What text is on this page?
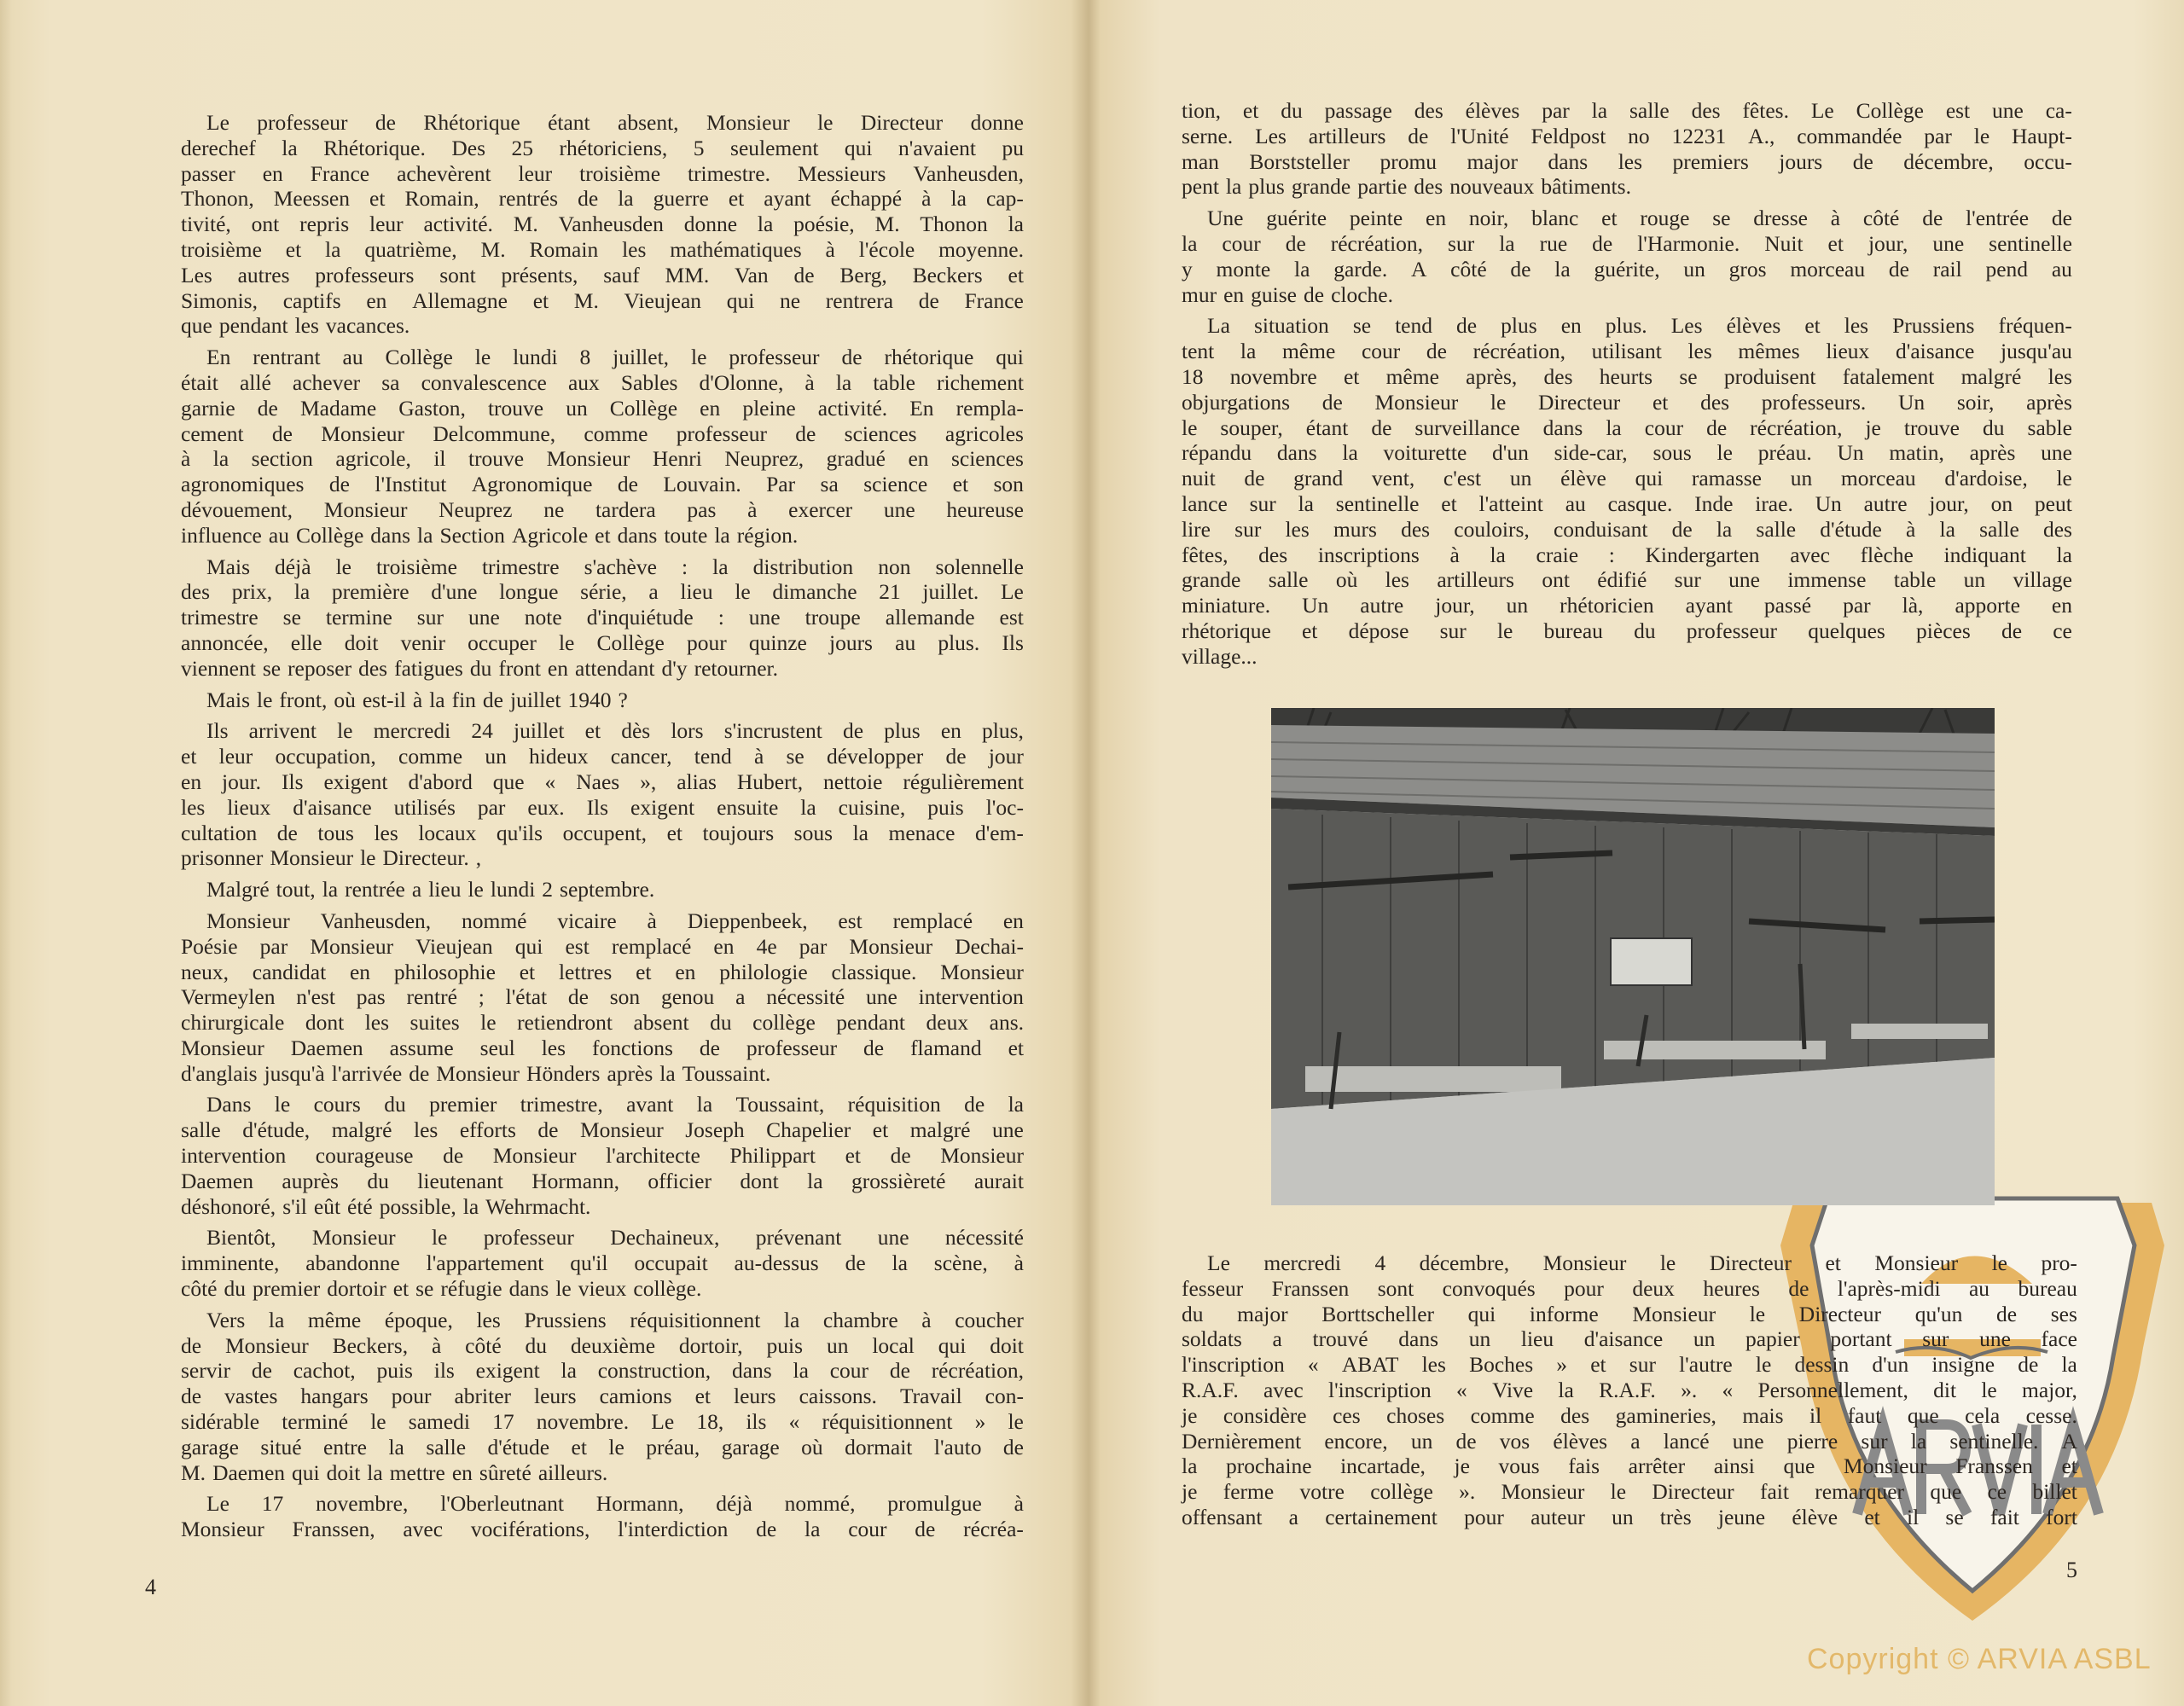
Le professeur de Rhétorique étant absent, Monsieur le Directeur donne
derechef la Rhétorique. Des 25 rhétoriciens, 5 seulement qui n'avaient pu
passer en France achevèrent leur troisième trimestre. Messieurs Vanheusden,
Thonon, Meessen et Romain, rentrés de la guerre et ayant échappé à la cap-
tivité, ont repris leur activité. M. Vanheusden donne la poésie, M. Thonon la
troisième et la quatrième, M. Romain les mathématiques à l'école moyenne.
Les autres professeurs sont présents, sauf MM. Van de Berg, Beckers et
Simonis, captifs en Allemagne et M. Vieujean qui ne rentrera de France
que pendant les vacances.
En rentrant au Collège le lundi 8 juillet, le professeur de rhétorique qui
était allé achever sa convalescence aux Sables d'Olonne, à la table richement
garnie de Madame Gaston, trouve un Collège en pleine activité. En rempla-
cement de Monsieur Delcommune, comme professeur de sciences agricoles
à la section agricole, il trouve Monsieur Henri Neuprez, gradué en sciences
agronomiques de l'Institut Agronomique de Louvain. Par sa science et son
dévouement, Monsieur Neuprez ne tardera pas à exercer une heureuse
influence au Collège dans la Section Agricole et dans toute la région.
Mais déjà le troisième trimestre s'achève : la distribution non solennelle
des prix, la première d'une longue série, a lieu le dimanche 21 juillet. Le
trimestre se termine sur une note d'inquiétude : une troupe allemande est
annoncée, elle doit venir occuper le Collège pour quinze jours au plus. Ils
viennent se reposer des fatigues du front en attendant d'y retourner.
Mais le front, où est-il à la fin de juillet 1940 ?
Ils arrivent le mercredi 24 juillet et dès lors s'incrustent de plus en plus,
et leur occupation, comme un hideux cancer, tend à se développer de jour
en jour. Ils exigent d'abord que « Naes », alias Hubert, nettoie régulièrement
les lieux d'aisance utilisés par eux. Ils exigent ensuite la cuisine, puis l'oc-
cultation de tous les locaux qu'ils occupent, et toujours sous la menace d'em-
prisonner Monsieur le Directeur. ,
Malgré tout, la rentrée a lieu le lundi 2 septembre.
Monsieur Vanheusden, nommé vicaire à Dieppenbeek, est remplacé en
Poésie par Monsieur Vieujean qui est remplacé en 4e par Monsieur Dechai-
neux, candidat en philosophie et lettres et en philologie classique. Monsieur
Vermeylen n'est pas rentré ; l'état de son genou a nécessité une intervention
chirurgicale dont les suites le retiendront absent du collège pendant deux ans.
Monsieur Daemen assume seul les fonctions de professeur de flamand et
d'anglais jusqu'à l'arrivée de Monsieur Hönders après la Toussaint.
Dans le cours du premier trimestre, avant la Toussaint, réquisition de la
salle d'étude, malgré les efforts de Monsieur Joseph Chapelier et malgré une
intervention courageuse de Monsieur l'architecte Philippart et de Monsieur
Daemen auprès du lieutenant Hormann, officier dont la grossièreté aurait
déshonoré, s'il eût été possible, la Wehrmacht.
Bientôt, Monsieur le professeur Dechaineux, prévenant une nécessité
imminente, abandonne l'appartement qu'il occupait au-dessus de la scène, à
côté du premier dortoir et se réfugie dans le vieux collège.
Vers la même époque, les Prussiens réquisitionnent la chambre à coucher
de Monsieur Beckers, à côté du deuxième dortoir, puis un local qui doit
servir de cachot, puis ils exigent la construction, dans la cour de récréation,
de vastes hangars pour abriter leurs camions et leurs caissons. Travail con-
sidérable terminé le samedi 17 novembre. Le 18, ils « réquisitionnent » le
garage situé entre la salle d'étude et le préau, garage où dormait l'auto de
M. Daemen qui doit la mettre en sûreté ailleurs.
Le 17 novembre, l'Oberleutnant Hormann, déjà nommé, promulgue à
Monsieur Franssen, avec vociférations, l'interdiction de la cour de récréa-
4
tion, et du passage des élèves par la salle des fêtes. Le Collège est une ca-
serne. Les artilleurs de l'Unité Feldpost no 12231 A., commandée par le Haupt-
man Borststeller promu major dans les premiers jours de décembre, occu-
pent la plus grande partie des nouveaux bâtiments.
Une guérite peinte en noir, blanc et rouge se dresse à côté de l'entrée de
la cour de récréation, sur la rue de l'Harmonie. Nuit et jour, une sentinelle
y monte la garde. A côté de la guérite, un gros morceau de rail pend au
mur en guise de cloche.
La situation se tend de plus en plus. Les élèves et les Prussiens fréquen-
tent la même cour de récréation, utilisant les mêmes lieux d'aisance jusqu'au
18 novembre et même après, des heurts se produisent fatalement malgré les
objurgations de Monsieur le Directeur et des professeurs. Un soir, après
le souper, étant de surveillance dans la cour de récréation, je trouve du sable
répandu dans la voiturette d'un side-car, sous le préau. Un matin, après une
nuit de grand vent, c'est un élève qui ramasse un morceau d'ardoise, le
lance sur la sentinelle et l'atteint au casque. Inde irae. Un autre jour, on peut
lire sur les murs des couloirs, conduisant de la salle d'étude à la salle des
fêtes, des inscriptions à la craie : Kindergarten avec flèche indiquant la
grande salle où les artilleurs ont édifié sur une immense table un village
miniature. Un autre jour, un rhétoricien ayant passé par là, apporte en
rhétorique et dépose sur le bureau du professeur quelques pièces de ce
village...
Le mercredi 4 décembre, Monsieur le Directeur et Monsieur le pro-
fesseur Franssen sont convoqués pour deux heures de l'après-midi au bureau
du major Borttscheller qui informe Monsieur le Directeur qu'un de ses
soldats a trouvé dans un lieu d'aisance un papier portant sur une face
l'inscription « ABAT les Boches » et sur l'autre le dessin d'un insigne de la
R.A.F. avec l'inscription « Vive la R.A.F. ». « Personnellement, dit le major,
je considère ces choses comme des gamineries, mais il faut que cela cesse.
Dernièrement encore, un de vos élèves a lancé une pierre sur la sentinelle. A
la prochaine incartade, je vous fais arrêter ainsi que Monsieur Franssen et
je ferme votre collège ». Monsieur le Directeur fait remarquer que ce billet
offensant a certainement pour auteur un très jeune élève et il se fait fort
5
Copyright © ARVIA ASBL
